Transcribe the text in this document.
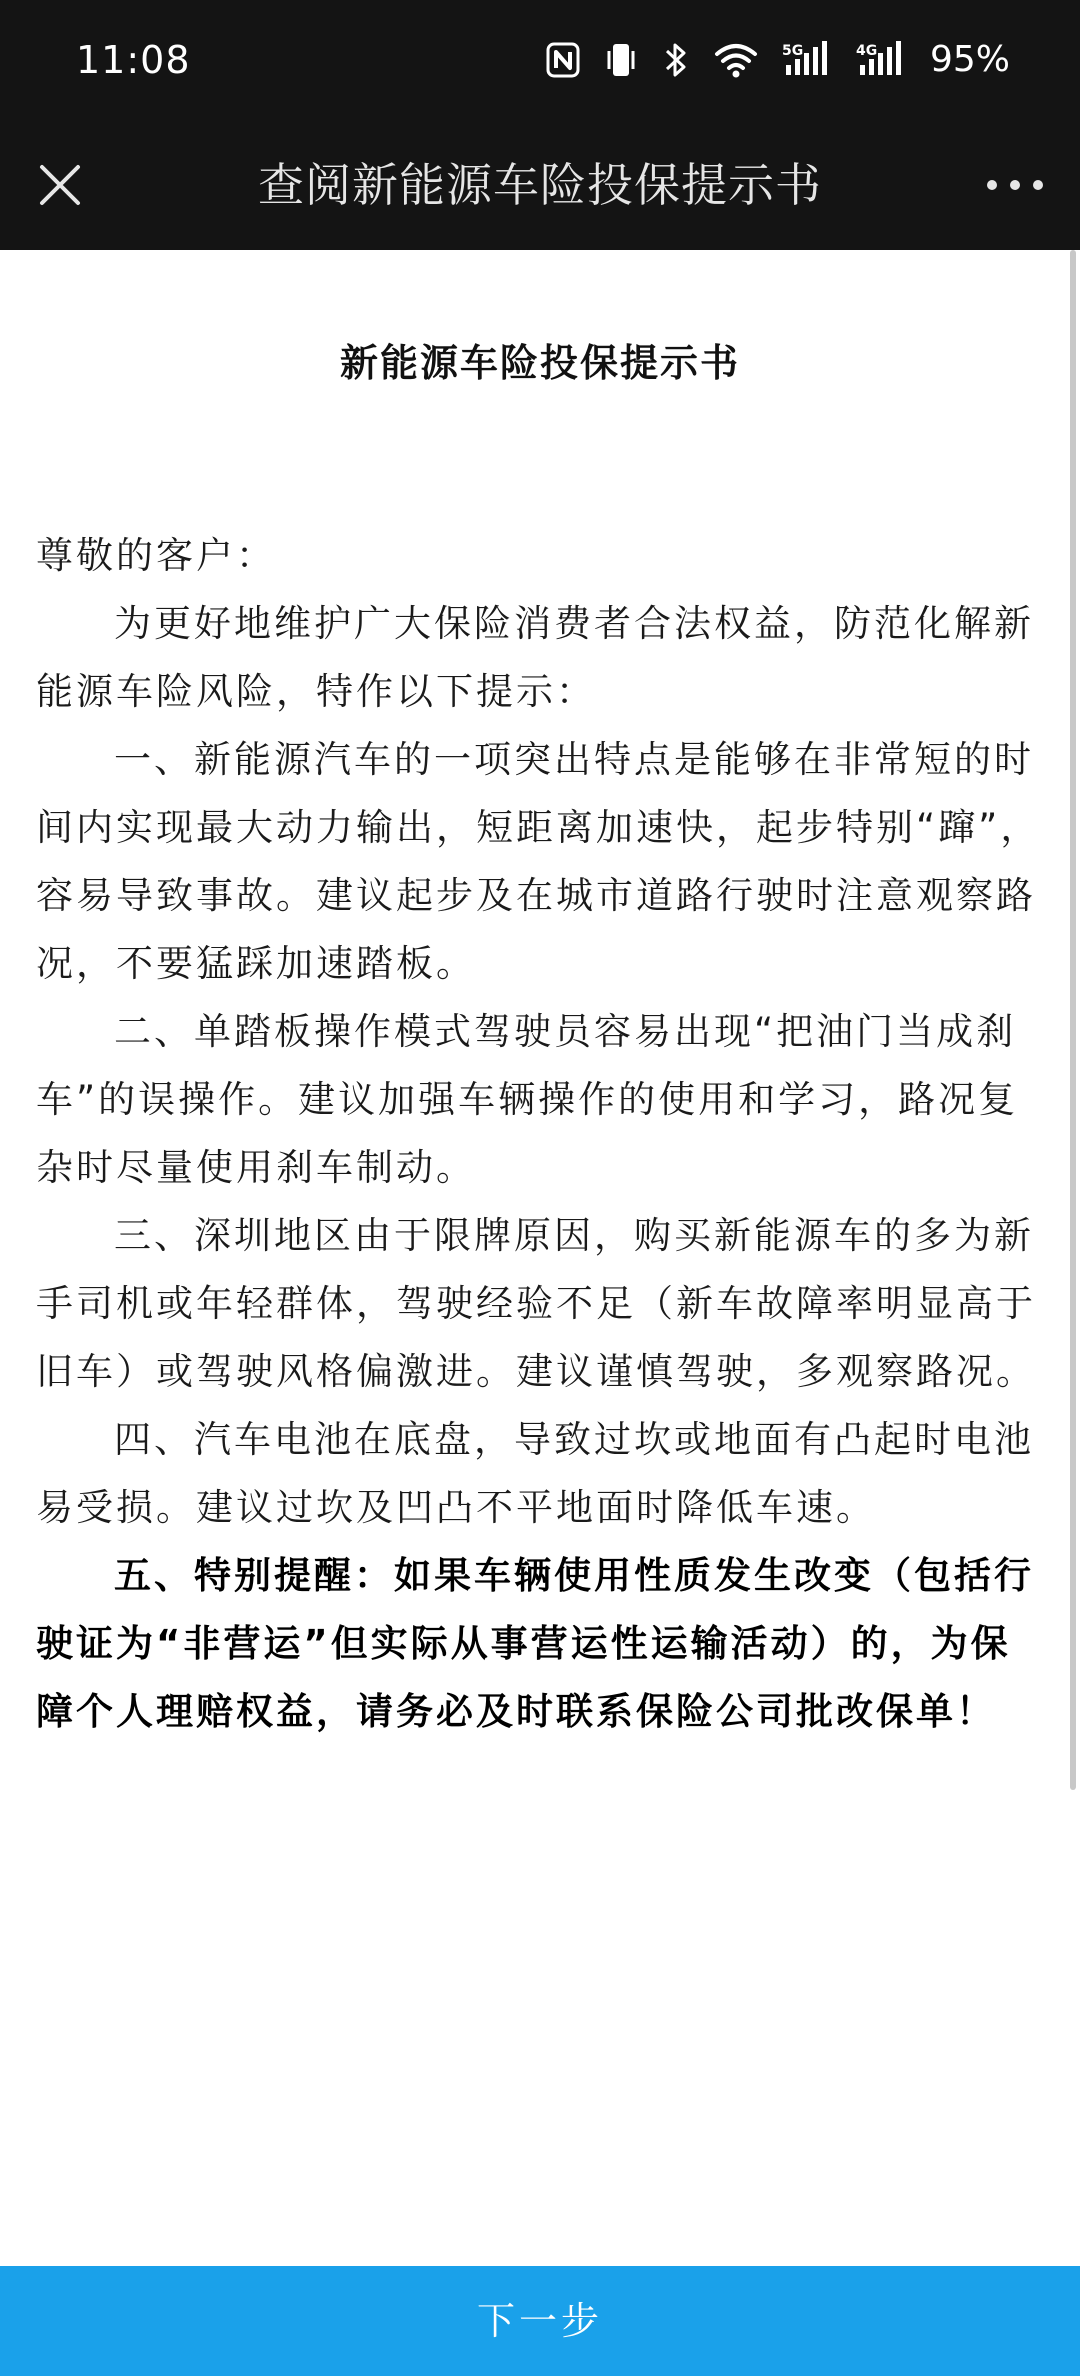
11:08	5G	4G 95%
查阅新能源车险投保提示书
新能源车险投保提示书

尊敬的客户：

为更好地维护广大保险消费者合法权益，防范化解新能源车险风险，特作以下提示：

一、新能源汽车的一项突出特点是能够在非常短的时间内实现最大动力输出，短距离加速快，起步特别“蹿”，容易导致事故。建议起步及在城市道路行驶时注意观察路况，不要猛踩加速踏板。

二、单踏板操作模式驾驶员容易出现“把油门当成刹车”的误操作。建议加强车辆操作的使用和学习，路况复杂时尽量使用刹车制动。

三、深圳地区由于限牌原因，购买新能源车的多为新手司机或年轻群体，驾驶经验不足（新车故障率明显高于旧车）或驾驶风格偏激进。建议谨慎驾驶，多观察路况。

四、汽车电池在底盘，导致过坎或地面有凸起时电池易受损。建议过坎及凹凸不平地面时降低车速。

五、特别提醒：如果车辆使用性质发生改变（包括行驶证为“非营运”但实际从事营运性运输活动）的，为保障个人理赔权益，请务必及时联系保险公司批改保单！

下一步
